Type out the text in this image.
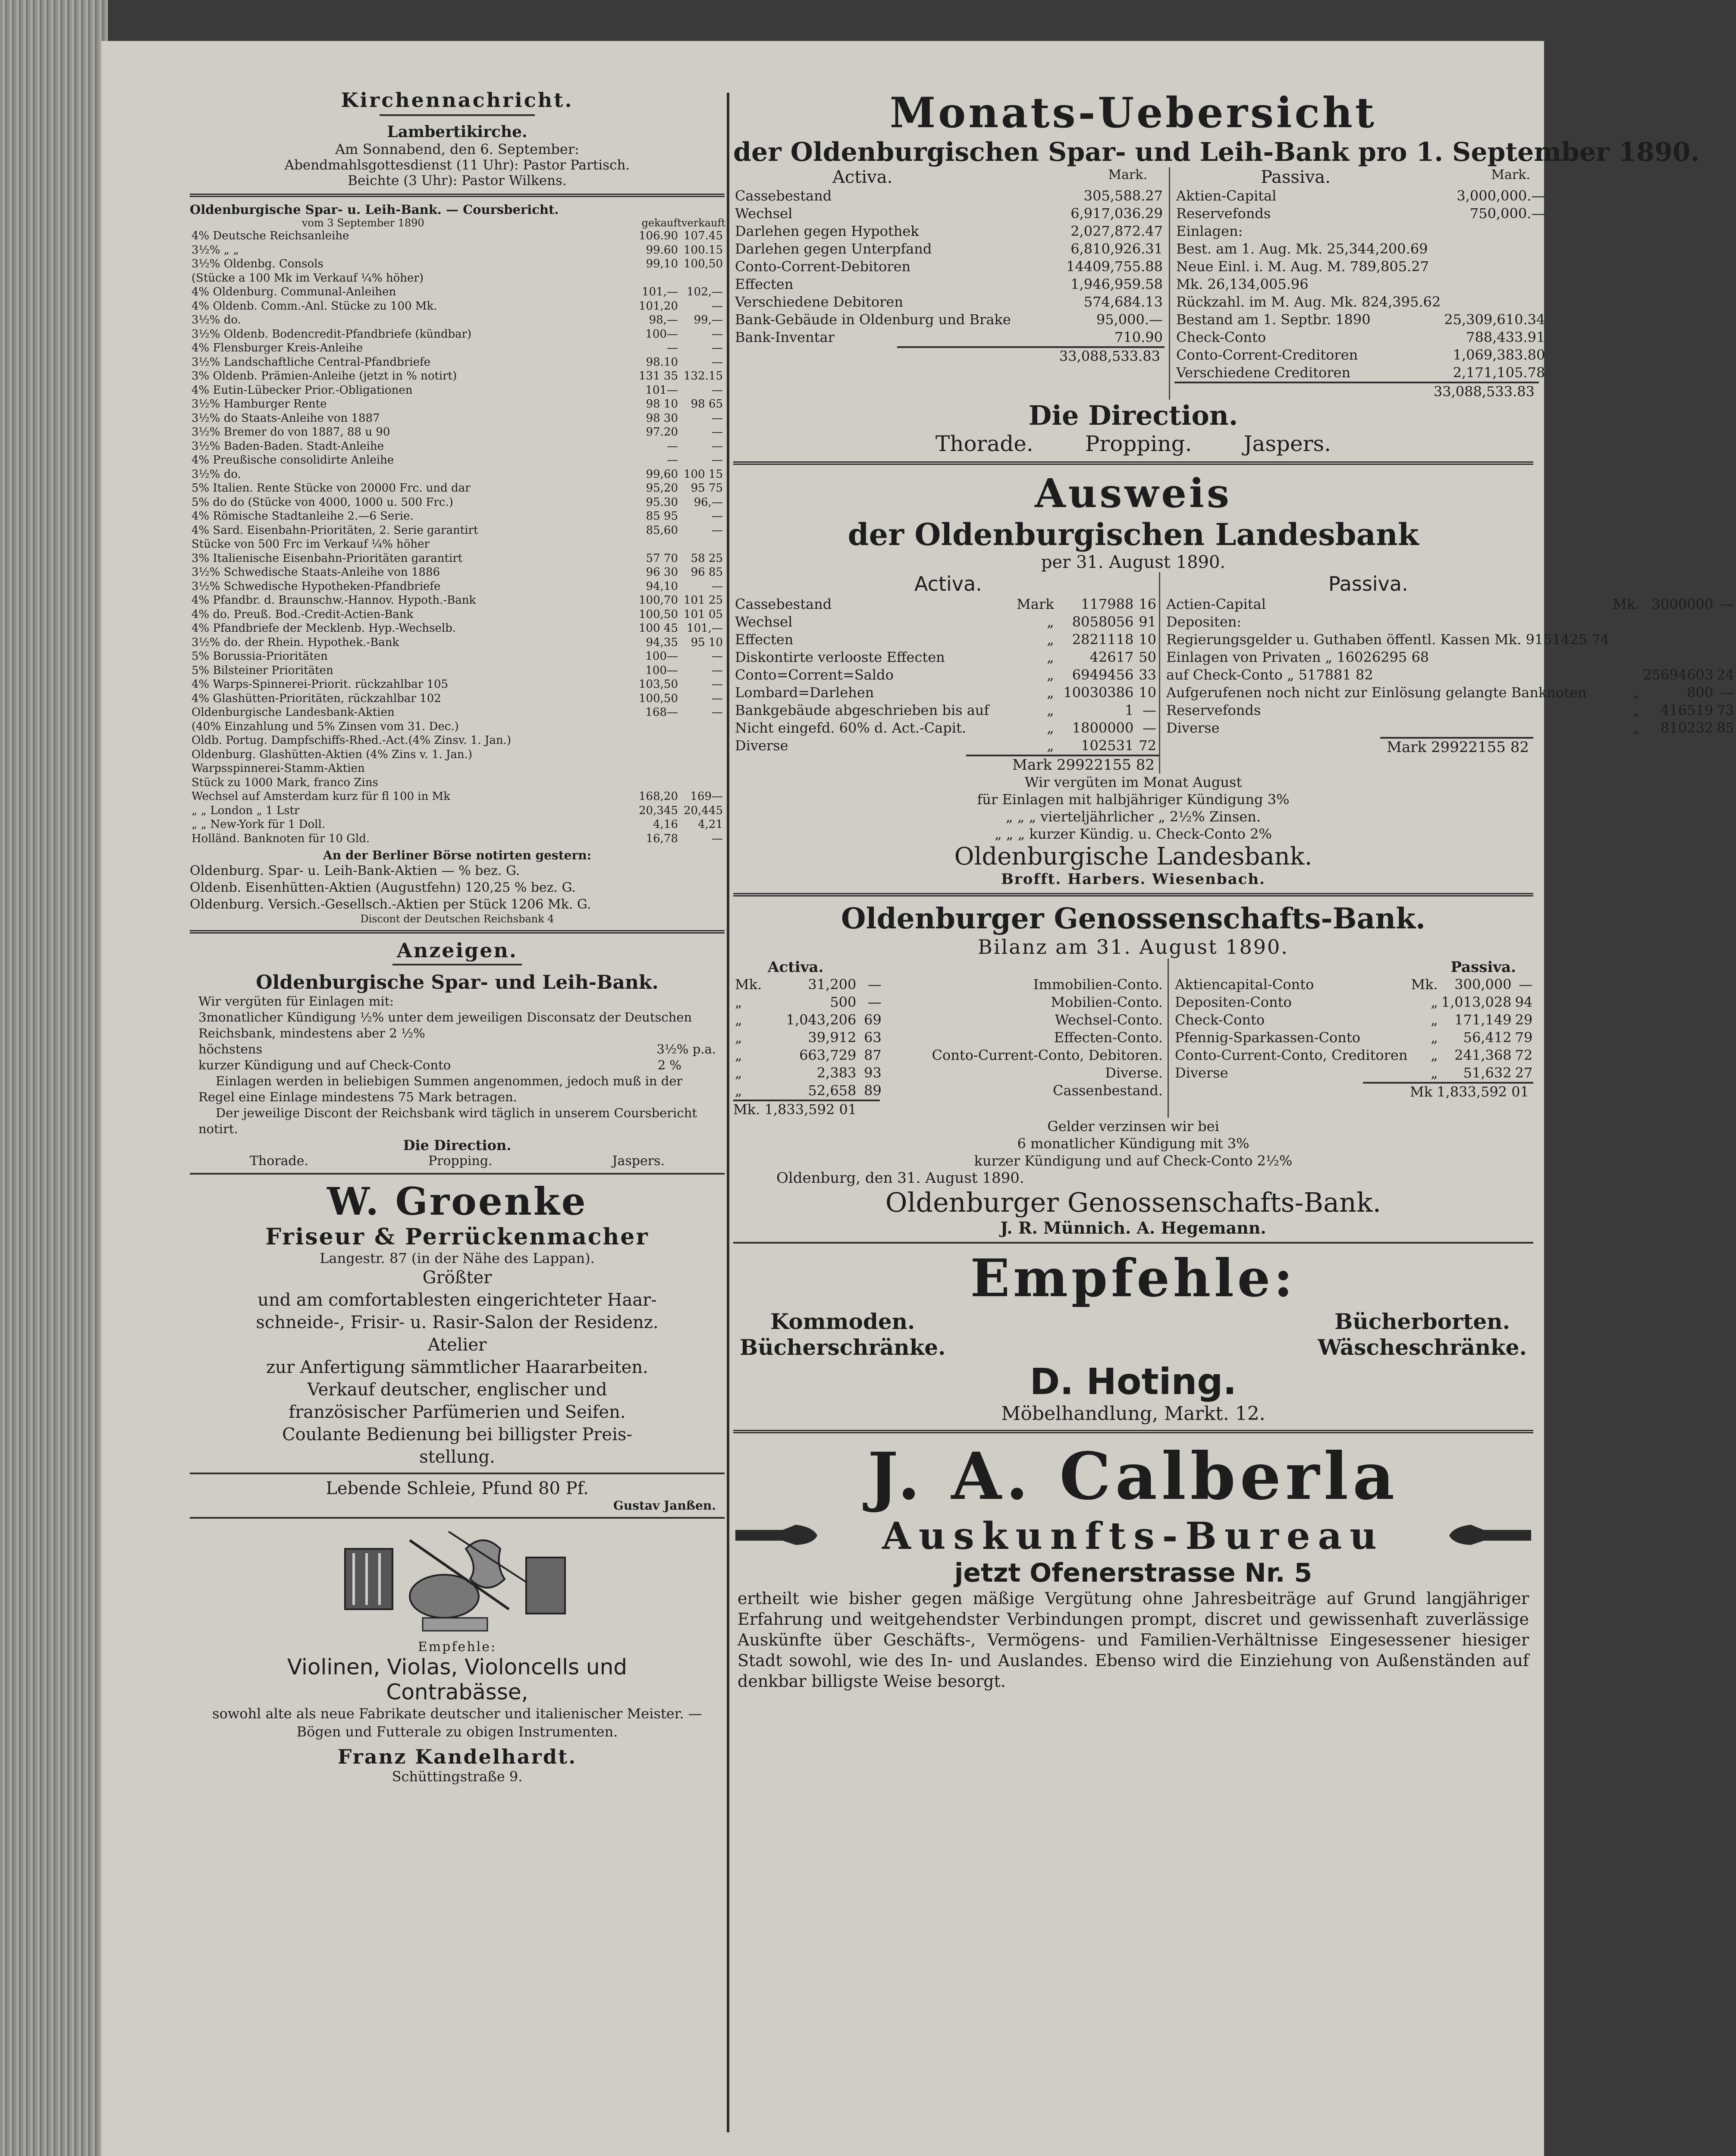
Kirchennachricht.
Lambertikirche.
Am Sonnabend, den 6. September:
Abendmahlsgottesdienst (11 Uhr): Pastor Partisch.
Beichte (3 Uhr): Pastor Wilkens.
Oldenburgische Spar- u. Leih-Bank. — Coursbericht.
vom 3 September 1890	gekauft verkauft
4% Deutsche Reichsanleihe	106.90	107.45
3½% „ „	99.60	100.15
3½% Oldenbg. Consols	99,10	100,50
(Stücke a 100 Mk im Verkauf ¼% höher)		
4% Oldenburg. Communal-Anleihen	101,—	102,—
4% Oldenb. Comm.-Anl. Stücke zu 100 Mk.	101,20	—
3½% do.	98,—	99,—
3½% Oldenb. Bodencredit-Pfandbriefe (kündbar)	100—	—
4% Flensburger Kreis-Anleihe	—	—
3½% Landschaftliche Central-Pfandbriefe	98.10	—
3% Oldenb. Prämien-Anleihe (jetzt in % notirt)	131 35	132.15
4% Eutin-Lübecker Prior.-Obligationen	101—	—
3½% Hamburger Rente	98 10	98 65
3½% do Staats-Anleihe von 1887	98 30	—
3½% Bremer do von 1887, 88 u 90	97.20	—
3½% Baden-Baden. Stadt-Anleihe	—	—
4% Preußische consolidirte Anleihe	—	—
3½% do.	99,60	100 15
5% Italien. Rente Stücke von 20000 Frc. und dar	95,20	95 75
5% do do (Stücke von 4000, 1000 u. 500 Frc.)	95.30	96,—
4% Römische Stadtanleihe 2.—6 Serie.	85 95	—
4% Sard. Eisenbahn-Prioritäten, 2. Serie garantirt	85,60	—
Stücke von 500 Frc im Verkauf ¼% höher		
3% Italienische Eisenbahn-Prioritäten garantirt	57 70	58 25
3½% Schwedische Staats-Anleihe von 1886	96 30	96 85
3½% Schwedische Hypotheken-Pfandbriefe	94,10	—
4% Pfandbr. d. Braunschw.-Hannov. Hypoth.-Bank	100,70	101 25
4% do. Preuß. Bod.-Credit-Actien-Bank	100,50	101 05
4% Pfandbriefe der Mecklenb. Hyp.-Wechselb.	100 45	101,—
3½% do. der Rhein. Hypothek.-Bank	94,35	95 10
5% Borussia-Prioritäten	100—	—
5% Bilsteiner Prioritäten	100—	—
4% Warps-Spinnerei-Priorit. rückzahlbar 105	103,50	—
4% Glashütten-Prioritäten, rückzahlbar 102	100,50	—
Oldenburgische Landesbank-Aktien	168—	—
(40% Einzahlung und 5% Zinsen vom 31. Dec.)		
Oldb. Portug. Dampfschiffs-Rhed.-Act.(4% Zinsv. 1. Jan.)		
Oldenburg. Glashütten-Aktien (4% Zins v. 1. Jan.)		
Warpsspinnerei-Stamm-Aktien		
Stück zu 1000 Mark, franco Zins		
Wechsel auf Amsterdam kurz für fl 100 in Mk	168,20	169—
„ „ London „ 1 Lstr	20,345	20,445
„ „ New-York für 1 Doll.	4,16	4,21
Holländ. Banknoten für 10 Gld.	16,78	—
An der Berliner Börse notirten gestern:
Oldenburg. Spar- u. Leih-Bank-Aktien — % bez. G.
Oldenb. Eisenhütten-Aktien (Augustfehn) 120,25 % bez. G.
Oldenburg. Versich.-Gesellsch.-Aktien per Stück 1206 Mk. G.
Discont der Deutschen Reichsbank 4
Anzeigen.
Oldenburgische Spar- und Leih-Bank.
Wir vergüten für Einlagen mit:
3monatlicher Kündigung ½% unter dem jeweiligen Disconsatz der Deutschen Reichsbank, mindestens aber 2 ½%
höchstens	3½% p.a.
kurzer Kündigung und auf Check-Conto	2 %
Einlagen werden in beliebigen Summen angenommen, jedoch muß in der Regel eine Einlage mindestens 75 Mark betragen.
Der jeweilige Discont der Reichsbank wird täglich in unserem Coursbericht notirt.
Die Direction.
Thorade.	Propping.	Jaspers.
W. Groenke
Friseur & Perrückenmacher
Langestr. 87 (in der Nähe des Lappan).
Größter
und am comfortablesten eingerichteter Haar-
schneide-, Frisir- u. Rasir-Salon der Residenz.
Atelier
zur Anfertigung sämmtlicher Haararbeiten.
Verkauf deutscher, englischer und
französischer Parfümerien und Seifen.
Coulante Bedienung bei billigster Preis-
stellung.
Lebende Schleie, Pfund 80 Pf.
Gustav Janßen.
Empfehle:
Violinen, Violas, Violoncells und
Contrabässe,
sowohl alte als neue Fabrikate deutscher und italienischer Meister. — Bögen und Futterale zu obigen Instrumenten.
Franz Kandelhardt.
Schüttingstraße 9.
Monats-Uebersicht
der Oldenburgischen Spar- und Leih-Bank pro 1. September 1890.
Activa.	Mark.
Cassebestand	305,588.27
Wechsel	6,917,036.29
Darlehen gegen Hypothek	2,027,872.47
Darlehen gegen Unterpfand	6,810,926.31
Conto-Corrent-Debitoren	14409,755.88
Effecten	1,946,959.58
Verschiedene Debitoren	574,684.13
Bank-Gebäude in Oldenburg und Brake	95,000.—
Bank-Inventar	710.90
33,088,533.83
Passiva.	Mark.
Aktien-Capital	3,000,000.—
Reservefonds	750,000.—
Einlagen:	
Best. am 1. Aug. Mk. 25,344,200.69	
Neue Einl. i. M. Aug. M. 789,805.27	
Mk. 26,134,005.96	
Rückzahl. im M. Aug. Mk. 824,395.62	
Bestand am 1. Septbr. 1890	25,309,610.34
Check-Conto	788,433.91
Conto-Corrent-Creditoren	1,069,383.80
Verschiedene Creditoren	2,171,105.78
33,088,533.83
Die Direction.
Thorade. Propping. Jaspers.
Ausweis
der Oldenburgischen Landesbank
per 31. August 1890.
Activa.
Cassebestand	Mark	117988	16
Wechsel	„	8058056	91
Effecten	„	2821118	10
Diskontirte verlooste Effecten	„	42617	50
Conto=Corrent=Saldo	„	6949456	33
Lombard=Darlehen	„	10030386	10
Bankgebäude abgeschrieben bis auf	„	1	—
Nicht eingefd. 60% d. Act.-Capit.	„	1800000	—
Diverse	„	102531	72
Mark 29922155 82
Passiva.
Actien-Capital	Mk.	3000000	—
Depositen:			
Regierungsgelder u. Guthaben öffentl. Kassen Mk. 9151425 74			
Einlagen von Privaten „ 16026295 68			
auf Check-Conto „ 517881 82		25694603	24
Aufgerufenen noch nicht zur Einlösung gelangte Banknoten	„	800	—
Reservefonds	„	416519	73
Diverse	„	810232	85
Mark 29922155 82
Wir vergüten im Monat August
für Einlagen mit halbjähriger Kündigung 3%
„ „ „ vierteljährlicher „ 2½% Zinsen.
„ „ „ kurzer Kündig. u. Check-Conto 2%
Oldenburgische Landesbank.
Brofft. Harbers. Wiesenbach.
Oldenburger Genossenschafts-Bank.
Bilanz am 31. August 1890.
Activa.
Mk.	31,200	—	Immobilien-Conto.
„	500	—	Mobilien-Conto.
„	1,043,206	69	Wechsel-Conto.
„	39,912	63	Effecten-Conto.
„	663,729	87	Conto-Current-Conto, Debitoren.
„	2,383	93	Diverse.
„	52,658	89	Cassenbestand.
Mk. 1,833,592 01
Passiva.
Aktiencapital-Conto	Mk.	300,000	—
Depositen-Conto	„	1,013,028	94
Check-Conto	„	171,149	29
Pfennig-Sparkassen-Conto	„	56,412	79
Conto-Current-Conto, Creditoren	„	241,368	72
Diverse	„	51,632	27
Mk 1,833,592 01
Gelder verzinsen wir bei
6 monatlicher Kündigung mit 3%
kurzer Kündigung und auf Check-Conto 2½%
Oldenburg, den 31. August 1890.
Oldenburger Genossenschafts-Bank.
J. R. Münnich. A. Hegemann.
Empfehle:
Kommoden.
Bücherschränke.
Bücherborten.
Wäscheschränke.
D. Hoting.
Möbelhandlung, Markt. 12.
J. A. Calberla
Auskunfts-Bureau
jetzt Ofenerstrasse Nr. 5
ertheilt wie bisher gegen mäßige Vergütung ohne Jahresbeiträge auf Grund langjähriger Erfahrung und weitgehendster Verbindungen prompt, discret und gewissenhaft zuverlässige Auskünfte über Geschäfts-, Vermögens- und Familien-Verhältnisse Eingesessener hiesiger Stadt sowohl, wie des In- und Auslandes. Ebenso wird die Einziehung von Außenständen auf denkbar billigste Weise besorgt.
